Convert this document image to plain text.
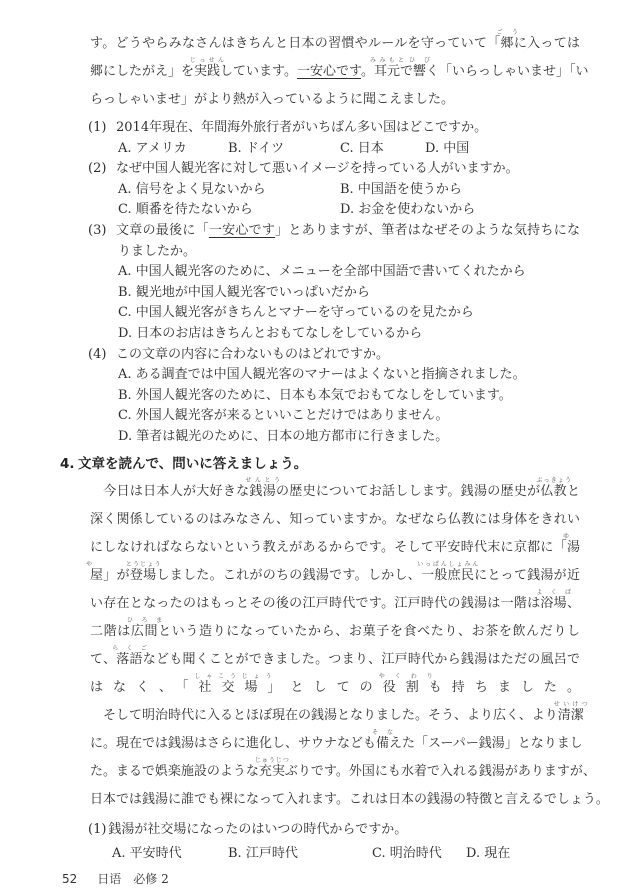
す。どうやらみなさんはきちんと日本の習慣やルールを守っていて「郷
ごう
に入っては
郷にしたがえ」を実践
じっせん
しています。一安心です。耳元
みみもと
で響
ひび
く「いらっしゃいませ」「い
らっしゃいませ」がより熱が入っているように聞こえました。
(1) 2014年現在、年間海外旅行者がいちばん多い国はどこですか。
A. アメリカ	B. ドイツ	C. 日本	D. 中国
(2) なぜ中国人観光客に対して悪いイメージを持っている人がいますか。
A. 信号をよく見ないから	B. 中国語を使うから
C. 順番を待たないから	D. お金を使わないから
(3) 文章の最後に「一安心です」とありますが、筆者はなぜそのような気持ちにな
りましたか。
A. 中国人観光客のために、メニューを全部中国語で書いてくれたから
B. 観光地が中国人観光客でいっぱいだから
C. 中国人観光客がきちんとマナーを守っているのを見たから
D. 日本のお店はきちんとおもてなしをしているから
(4) この文章の内容に合わないものはどれですか。
A. ある調査では中国人観光客のマナーはよくないと指摘されました。
B. 外国人観光客のために、日本も本気でおもてなしをしています。
C. 外国人観光客が来るといいことだけではありません。
D. 筆者は観光のために、日本の地方都市に行きました。
4. 文章を読んで、問いに答えましょう。
　今日は日本人が大好きな銭湯
せんとう
の歴史についてお話しします。銭湯の歴史が仏教
ぶっきょう
と
深く関係しているのはみなさん、知っていますか。なぜなら仏教には身体をきれい
にしなければならないという教えがあるからです。そして平安時代末に京都に「湯
ゆ
屋
や
」が登場
とうじょう
しました。これがのちの銭湯です。しかし、一般庶民
いっぱんしょみん
にとって銭湯が近
い存在となったのはもっとその後の江戸時代です。江戸時代の銭湯は一階は浴場
よくば
、
二階は広間
ひろま
という造りになっていたから、お菓子を食べたり、お茶を飲んだりし
て、落語
らくご
なども聞くことができました。つまり、江戸時代から銭湯はただの風呂で
はなく、「社交場
しゃこうじょう
」としての役割
やくわり
も持ちました。
　そして明治時代に入るとほぼ現在の銭湯となりました。そう、より広く、より清潔
せいけつ
に。現在では銭湯はさらに進化し、サウナなども備
そな
えた「スーパー銭湯」となりまし
た。まるで娯楽施設のような充実
じゅうじつ
ぶりです。外国にも水着で入れる銭湯がありますが、
日本では銭湯に誰でも裸になって入れます。これは日本の銭湯の特徴と言えるでしょう。
(1) 銭湯が社交場になったのはいつの時代からですか。
A. 平安時代	B. 江戸時代	C. 明治時代 D. 現在
52 日语　必修 2
